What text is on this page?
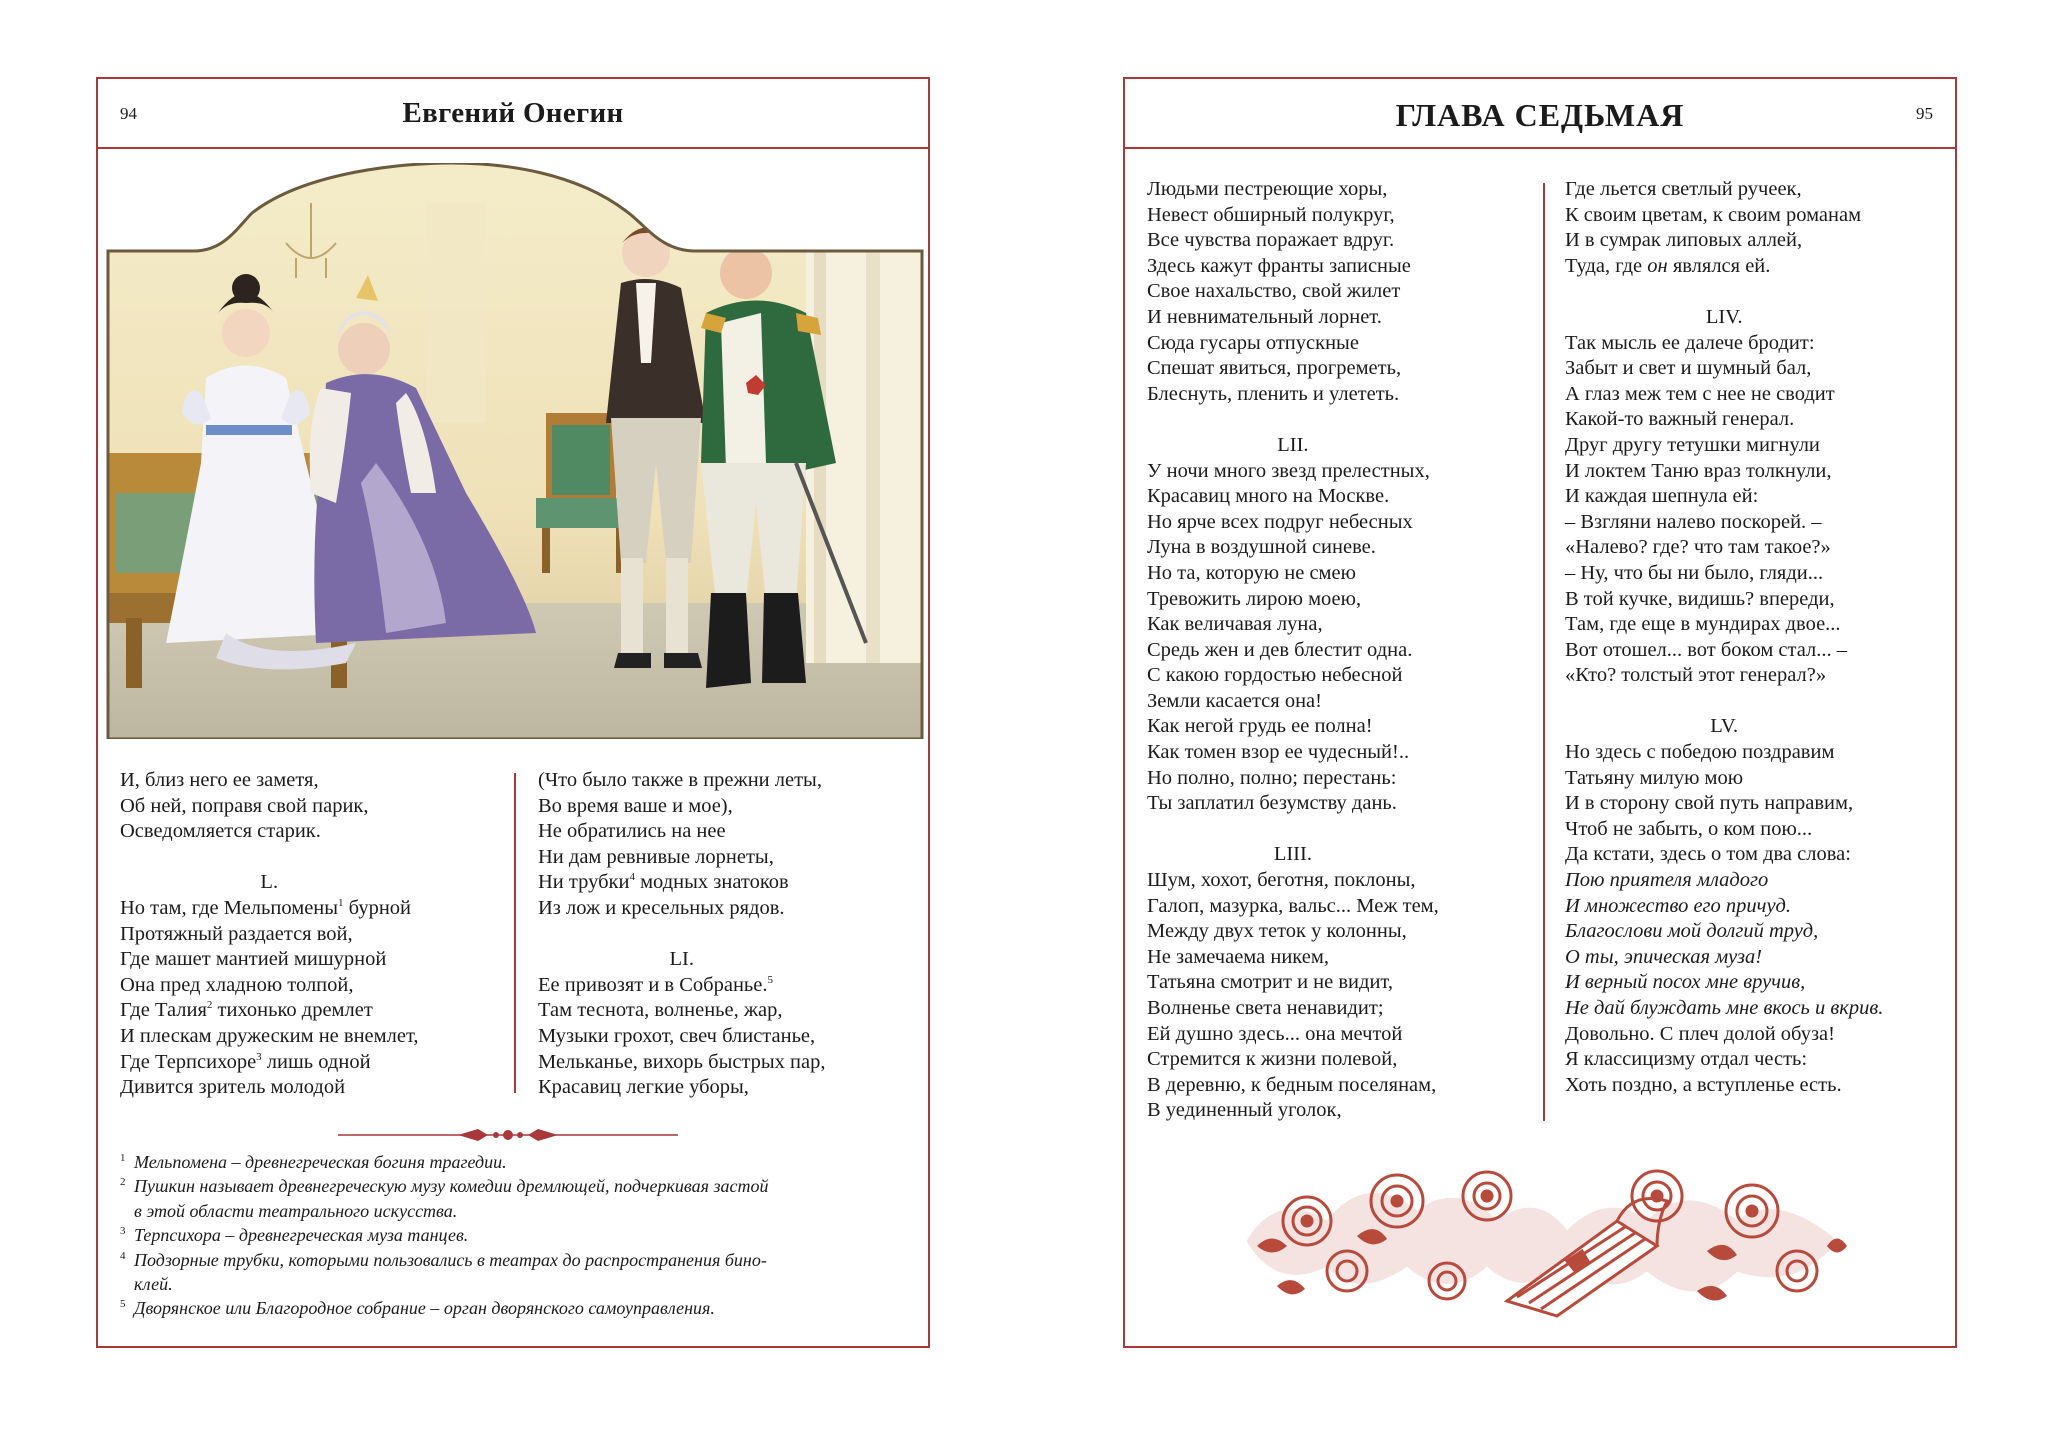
94	Евгений Онегин
И, близ него ее заметя,
Об ней, поправя свой парик,
Осведомляется старик.
L.
Но там, где Мельпомены$^1$ бурной
Протяжный раздается вой,
Где машет мантией мишурной
Она пред хладною толпой,
Где Талия$^2$ тихонько дремлет
И плескам дружеским не внемлет,
Где Терпсихоре$^3$ лишь одной
Дивится зритель молодой
(Что было также в прежни леты,
Во время ваше и мое),
Не обратились на нее
Ни дам ревнивые лорнеты,
Ни трубки$^4$ модных знатоков
Из лож и кресельных рядов.
LI.
Ее привозят и в Собранье.$^5$
Там теснота, волненье, жар,
Музыки грохот, свеч блистанье,
Мельканье, вихорь быстрых пар,
Красавиц легкие уборы,
1 Мельпомена – древнегреческая богиня трагедии.
2 Пушкин называет древнегреческую музу комедии дремлющей, подчеркивая застой
в этой области театрального искусства.
3 Терпсихора – древнегреческая муза танцев.
4 Подзорные трубки, которыми пользовались в театрах до распространения бино-
клей.
5 Дворянское или Благородное собрание – орган дворянского самоуправления.
ГЛАВА СЕДЬМАЯ	95
Людьми пестреющие хоры,
Невест обширный полукруг,
Все чувства поражает вдруг.
Здесь кажут франты записные
Свое нахальство, свой жилет
И невнимательный лорнет.
Сюда гусары отпускные
Спешат явиться, прогреметь,
Блеснуть, пленить и улететь.
LII.
У ночи много звезд прелестных,
Красавиц много на Москве.
Но ярче всех подруг небесных
Луна в воздушной синеве.
Но та, которую не смею
Тревожить лирою моею,
Как величавая луна,
Средь жен и дев блестит одна.
С какою гордостью небесной
Земли касается она!
Как негой грудь ее полна!
Как томен взор ее чудесный!..
Но полно, полно; перестань:
Ты заплатил безумству дань.
LIII.
Шум, хохот, беготня, поклоны,
Галоп, мазурка, вальс... Меж тем,
Между двух теток у колонны,
Не замечаема никем,
Татьяна смотрит и не видит,
Волненье света ненавидит;
Ей душно здесь... она мечтой
Стремится к жизни полевой,
В деревню, к бедным поселянам,
В уединенный уголок,
Где льется светлый ручеек,
К своим цветам, к своим романам
И в сумрак липовых аллей,
Туда, где он являлся ей.
LIV.
Так мысль ее далече бродит:
Забыт и свет и шумный бал,
А глаз меж тем с нее не сводит
Какой-то важный генерал.
Друг другу тетушки мигнули
И локтем Таню враз толкнули,
И каждая шепнула ей:
– Взгляни налево поскорей. –
«Налево? где? что там такое?»
– Ну, что бы ни было, гляди...
В той кучке, видишь? впереди,
Там, где еще в мундирах двое...
Вот отошел... вот боком стал... –
«Кто? толстый этот генерал?»
LV.
Но здесь с победою поздравим
Татьяну милую мою
И в сторону свой путь направим,
Чтоб не забыть, о ком пою...
Да кстати, здесь о том два слова:
Пою приятеля младого
И множество его причуд.
Благослови мой долгий труд,
О ты, эпическая муза!
И верный посох мне вручив,
Не дай блуждать мне вкось и вкрив.
Довольно. С плеч долой обуза!
Я классицизму отдал честь:
Хоть поздно, а вступленье есть.
